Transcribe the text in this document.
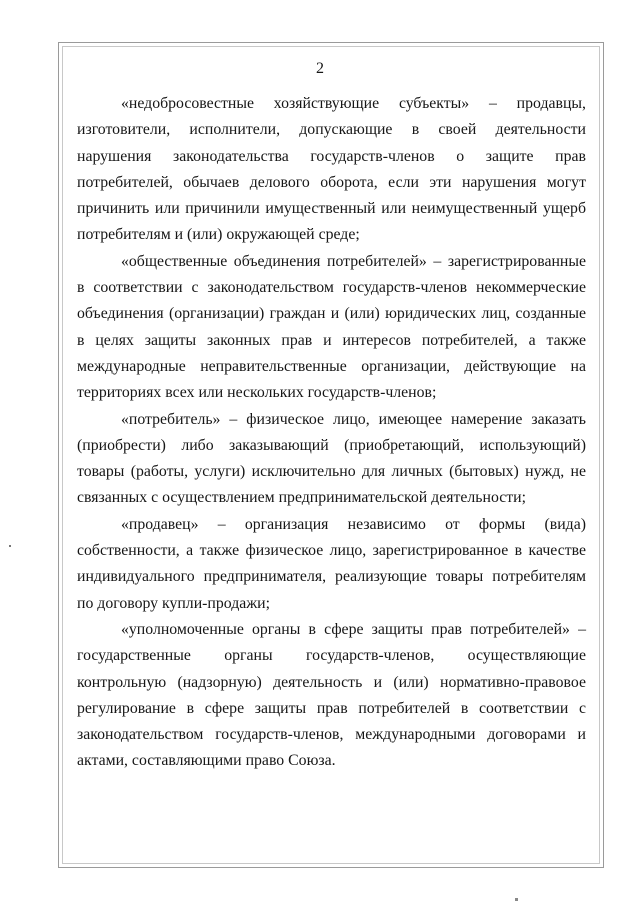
2

«недобросовестные хозяйствующие субъекты» – продавцы, изготовители, исполнители, допускающие в своей деятельности нарушения законодательства государств-членов о защите прав потребителей, обычаев делового оборота, если эти нарушения могут причинить или причинили имущественный или неимущественный ущерб потребителям и (или) окружающей среде;

«общественные объединения потребителей» – зарегистрированные в соответствии с законодательством государств-членов некоммерческие объединения (организации) граждан и (или) юридических лиц, созданные в целях защиты законных прав и интересов потребителей, а также международные неправительственные организации, действующие на территориях всех или нескольких государств-членов;

«потребитель» – физическое лицо, имеющее намерение заказать (приобрести) либо заказывающий (приобретающий, использующий) товары (работы, услуги) исключительно для личных (бытовых) нужд, не связанных с осуществлением предпринимательской деятельности;

«продавец» – организация независимо от формы (вида) собственности, а также физическое лицо, зарегистрированное в качестве индивидуального предпринимателя, реализующие товары потребителям по договору купли-продажи;

«уполномоченные органы в сфере защиты прав потребителей» – государственные органы государств-членов, осуществляющие контрольную (надзорную) деятельность и (или) нормативно-правовое регулирование в сфере защиты прав потребителей в соответствии с законодательством государств-членов, международными договорами и актами, составляющими право Союза.
